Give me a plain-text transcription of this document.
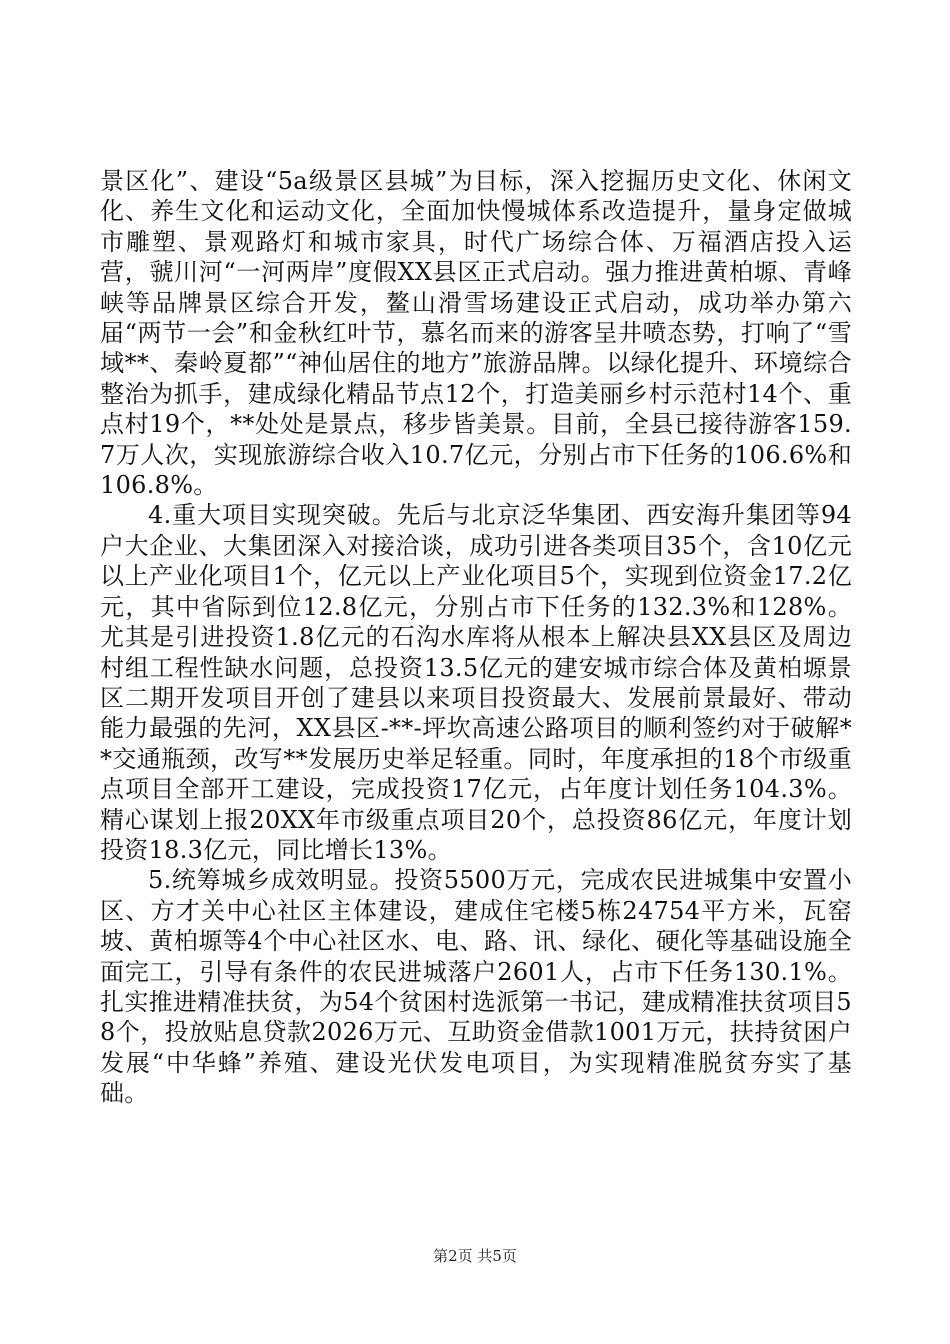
景区化”、建设“5a级景区县城”为目标，深入挖掘历史文化、休闲文化、养生文化和运动文化，全面加快慢城体系改造提升，量身定做城市雕塑、景观路灯和城市家具，时代广场综合体、万福酒店投入运营，虢川河“一河两岸”度假XX县区正式启动。强力推进黄柏塬、青峰峡等品牌景区综合开发，鳌山滑雪场建设正式启动，成功举办第六届“两节一会”和金秋红叶节，慕名而来的游客呈井喷态势，打响了“雪域**、秦岭夏都”“神仙居住的地方”旅游品牌。以绿化提升、环境综合整治为抓手，建成绿化精品节点12个，打造美丽乡村示范村14个、重点村19个，**处处是景点，移步皆美景。目前，全县已接待游客159.7万人次，实现旅游综合收入10.7亿元，分别占市下任务的106.6%和106.8%。

4.重大项目实现突破。先后与北京泛华集团、西安海升集团等94户大企业、大集团深入对接洽谈，成功引进各类项目35个，含10亿元以上产业化项目1个，亿元以上产业化项目5个，实现到位资金17.2亿元，其中省际到位12.8亿元，分别占市下任务的132.3%和128%。尤其是引进投资1.8亿元的石沟水库将从根本上解决县XX县区及周边村组工程性缺水问题，总投资13.5亿元的建安城市综合体及黄柏塬景区二期开发项目开创了建县以来项目投资最大、发展前景最好、带动能力最强的先河，XX县区-**-坪坎高速公路项目的顺利签约对于破解**交通瓶颈，改写**发展历史举足轻重。同时，年度承担的18个市级重点项目全部开工建设，完成投资17亿元，占年度计划任务104.3%。精心谋划上报20XX年市级重点项目20个，总投资86亿元，年度计划投资18.3亿元，同比增长13%。

5.统筹城乡成效明显。投资5500万元，完成农民进城集中安置小区、方才关中心社区主体建设，建成住宅楼5栋24754平方米，瓦窑坡、黄柏塬等4个中心社区水、电、路、讯、绿化、硬化等基础设施全面完工，引导有条件的农民进城落户2601人，占市下任务130.1%。扎实推进精准扶贫，为54个贫困村选派第一书记，建成精准扶贫项目58个，投放贴息贷款2026万元、互助资金借款1001万元，扶持贫困户发展“中华蜂”养殖、建设光伏发电项目，为实现精准脱贫夯实了基础。

第2页 共5页
